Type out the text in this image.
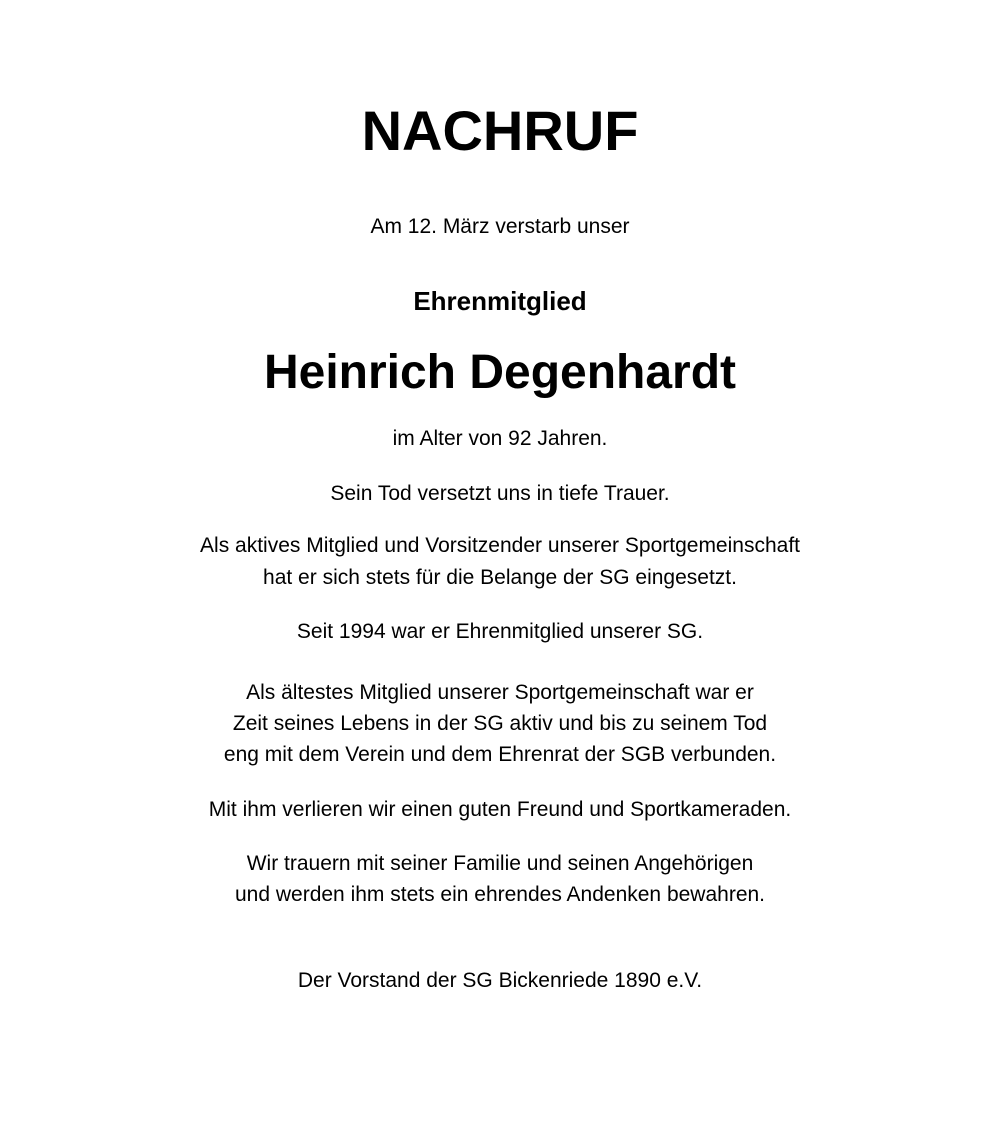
NACHRUF

Am 12. März verstarb unser

Ehrenmitglied

Heinrich Degenhardt

im Alter von 92 Jahren.

Sein Tod versetzt uns in tiefe Trauer.

Als aktives Mitglied und Vorsitzender unserer Sportgemeinschaft

hat er sich stets für die Belange der SG eingesetzt.

Seit 1994 war er Ehrenmitglied unserer SG.

Als ältestes Mitglied unserer Sportgemeinschaft war er

Zeit seines Lebens in der SG aktiv und bis zu seinem Tod

eng mit dem Verein und dem Ehrenrat der SGB verbunden.

Mit ihm verlieren wir einen guten Freund und Sportkameraden.

Wir trauern mit seiner Familie und seinen Angehörigen

und werden ihm stets ein ehrendes Andenken bewahren.

Der Vorstand der SG Bickenriede 1890 e.V.
